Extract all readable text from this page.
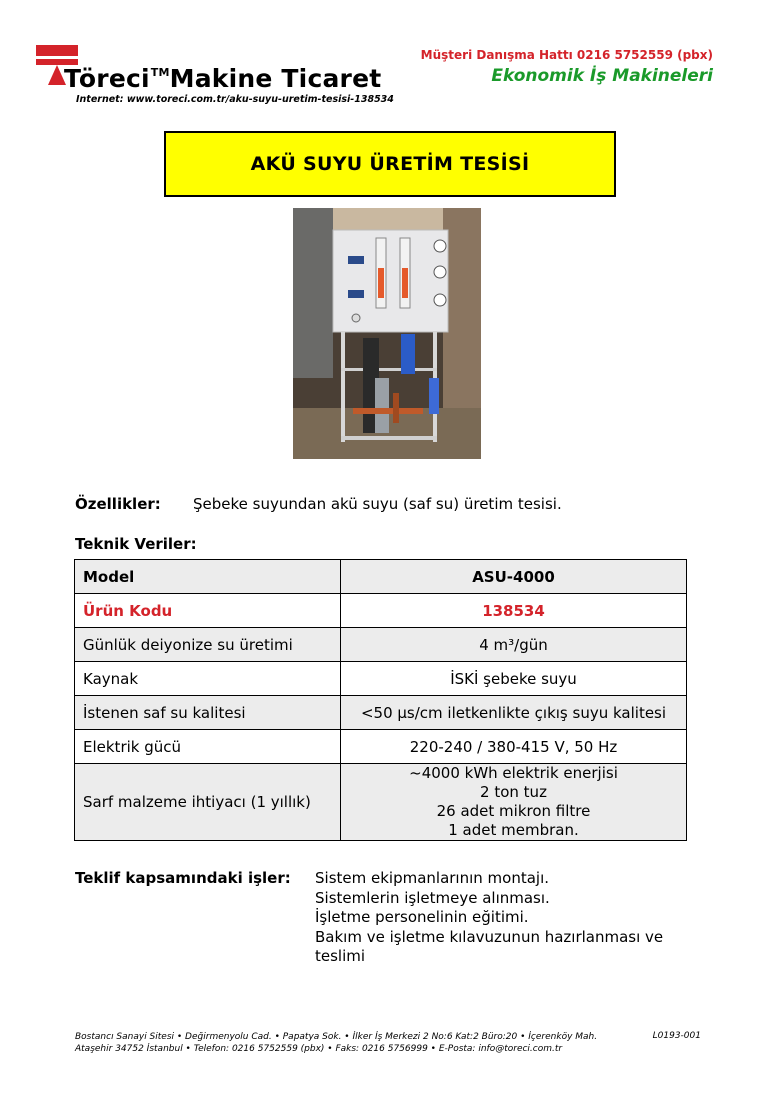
Töreci™Makine Ticaret
Internet: www.toreci.com.tr/aku-suyu-uretim-tesisi-138534
Müşteri Danışma Hattı 0216 5752559 (pbx)
Ekonomik İş Makineleri
AKÜ SUYU ÜRETİM TESİSİ
Özellikler: Şebeke suyundan akü suyu (saf su) üretim tesisi.
Teknik Veriler:
Model	ASU-4000
Ürün Kodu	138534
Günlük deiyonize su üretimi	4 m³/gün
Kaynak	İSKİ şebeke suyu
İstenen saf su kalitesi	<50 µs/cm iletkenlikte çıkış suyu kalitesi
Elektrik gücü	220-240 / 380-415 V, 50 Hz
Sarf malzeme ihtiyacı (1 yıllık)	~4000 kWh elektrik enerjisi
2 ton tuz
26 adet mikron filtre
1 adet membran.
Teklif kapsamındaki işler: Sistem ekipmanlarının montajı.
Sistemlerin işletmeye alınması.
İşletme personelinin eğitimi.
Bakım ve işletme kılavuzunun hazırlanması ve teslimi
Bostancı Sanayi Sitesi • Değirmenyolu Cad. • Papatya Sok. • İlker İş Merkezi 2 No:6 Kat:2 Büro:20 • İçerenköy Mah.
Ataşehir 34752 İstanbul • Telefon: 0216 5752559 (pbx) • Faks: 0216 5756999 • E-Posta: info@toreci.com.tr
L0193-001
